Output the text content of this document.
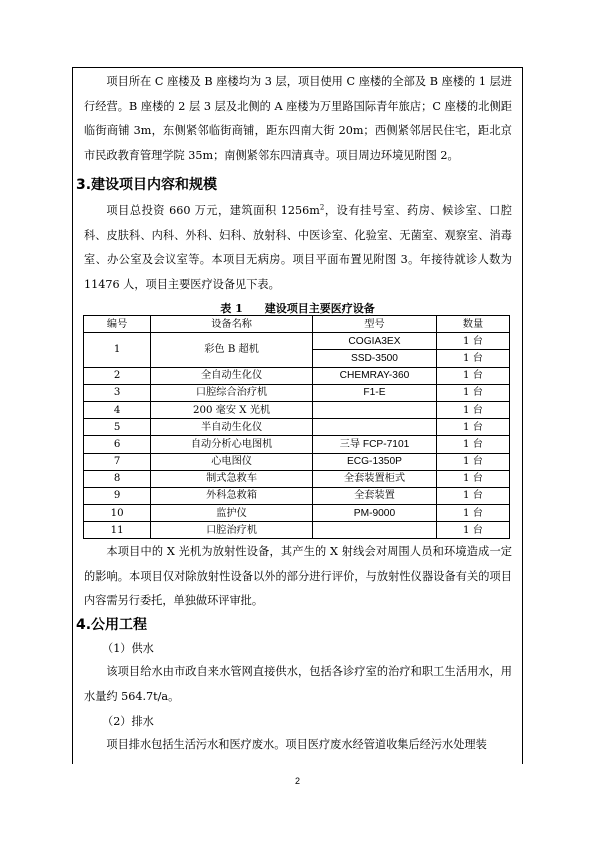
项目所在 C 座楼及 B 座楼均为 3 层，项目使用 C 座楼的全部及 B 座楼的 1 层进行经营。B 座楼的 2 层 3 层及北侧的 A 座楼为万里路国际青年旅店；C 座楼的北侧距临街商铺 3m，东侧紧邻临街商铺，距东四南大街 20m；西侧紧邻居民住宅，距北京市民政教育管理学院 35m；南侧紧邻东四清真寺。项目周边环境见附图 2。

3.建设项目内容和规模

项目总投资 660 万元，建筑面积 $1256m^2$，设有挂号室、药房、候诊室、口腔科、皮肤科、内科、外科、妇科、放射科、中医诊室、化验室、无菌室、观察室、消毒室、办公室及会议室等。本项目无病房。项目平面布置见附图 3。年接待就诊人数为 11476 人，项目主要医疗设备见下表。

表 1　　建设项目主要医疗设备

编号	设备名称	型号	数量
1	彩色 B 超机	COGIA3EX	1 台
		SSD-3500	1 台
2	全自动生化仪	CHEMRAY-360	1 台
3	口腔综合治疗机	F1-E	1 台
4	200 毫安 X 光机		1 台
5	半自动生化仪		1 台
6	自动分析心电图机	三导 FCP-7101	1 台
7	心电图仪	ECG-1350P	1 台
8	制式急救车	全套装置柜式	1 台
9	外科急救箱	全套装置	1 台
10	监护仪	PM-9000	1 台
11	口腔治疗机		1 台

本项目中的 X 光机为放射性设备，其产生的 X 射线会对周围人员和环境造成一定的影响。本项目仅对除放射性设备以外的部分进行评价，与放射性仪器设备有关的项目内容需另行委托，单独做环评审批。

4.公用工程

（1）供水

该项目给水由市政自来水管网直接供水，包括各诊疗室的治疗和职工生活用水，用水量约 564.7t/a。

（2）排水

项目排水包括生活污水和医疗废水。项目医疗废水经管道收集后经污水处理装

2
